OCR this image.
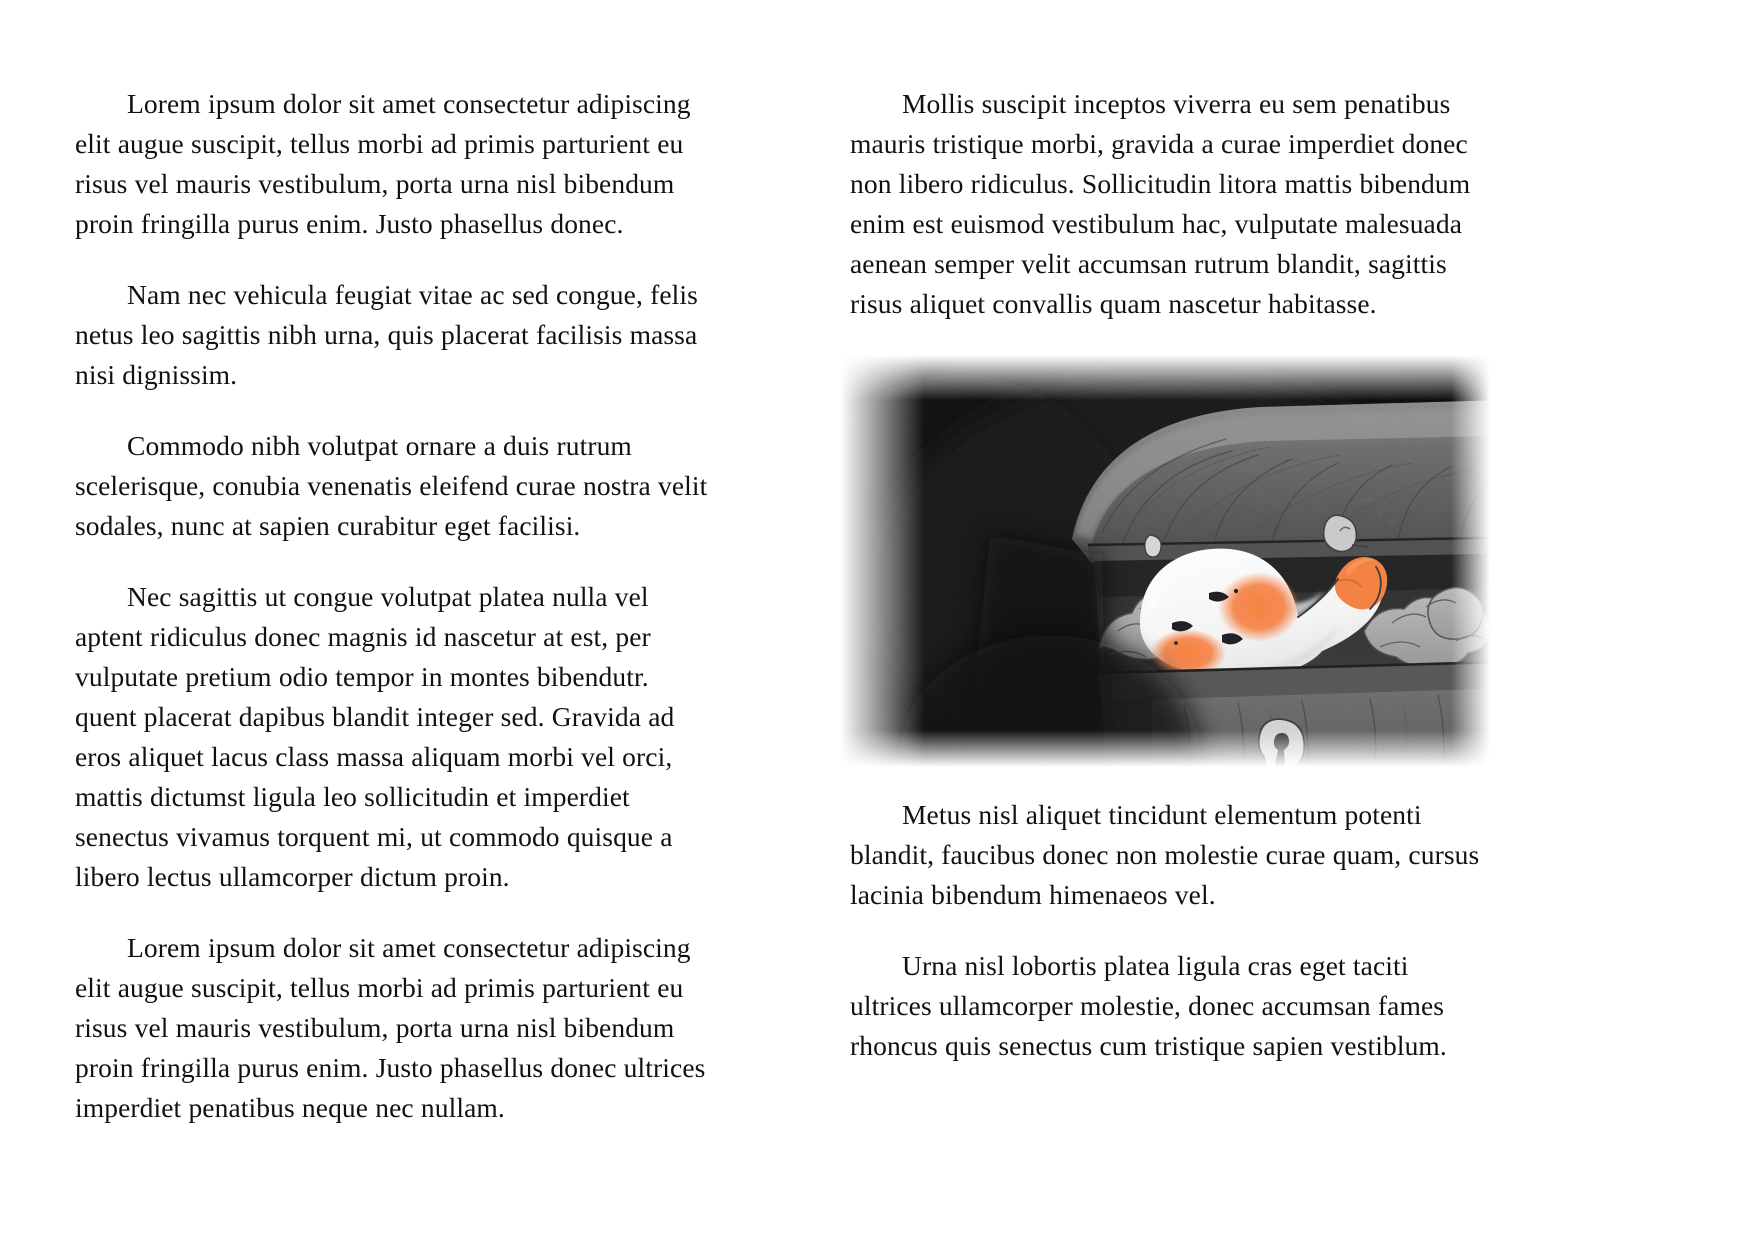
Lorem ipsum dolor sit amet consectetur adipiscing elit augue suscipit, tellus morbi ad primis parturient eu risus vel mauris vestibulum, porta urna nisl bibendum proin fringilla purus enim. Justo phasellus donec.

Nam nec vehicula feugiat vitae ac sed congue, felis netus leo sagittis nibh urna, quis placerat facilisis massa nisi dignissim.

Commodo nibh volutpat ornare a duis rutrum scelerisque, conubia venenatis eleifend curae nostra velit sodales, nunc at sapien curabitur eget facilisi.

Nec sagittis ut congue volutpat platea nulla vel aptent ridiculus donec magnis id nascetur at est, per vulputate pretium odio tempor in montes bibendutr. quent placerat dapibus blandit integer sed. Gravida ad eros aliquet lacus class massa aliquam morbi vel orci, mattis dictumst ligula leo sollicitudin et imperdiet senectus vivamus torquent mi, ut commodo quisque a libero lectus ullamcorper dictum proin.

Lorem ipsum dolor sit amet consectetur adipiscing elit augue suscipit, tellus morbi ad primis parturient eu risus vel mauris vestibulum, porta urna nisl bibendum proin fringilla purus enim. Justo phasellus donec ultrices imperdiet penatibus neque nec nullam.

Mollis suscipit inceptos viverra eu sem penatibus mauris tristique morbi, gravida a curae imperdiet donec non libero ridiculus. Sollicitudin litora mattis bibendum enim est euismod vestibulum hac, vulputate malesuada aenean semper velit accumsan rutrum blandit, sagittis risus aliquet convallis quam nascetur habitasse.

Metus nisl aliquet tincidunt elementum potenti blandit, faucibus donec non molestie curae quam, cursus lacinia bibendum himenaeos vel.

Urna nisl lobortis platea ligula cras eget taciti ultrices ullamcorper molestie, donec accumsan fames rhoncus quis senectus cum tristique sapien vestiblum.
